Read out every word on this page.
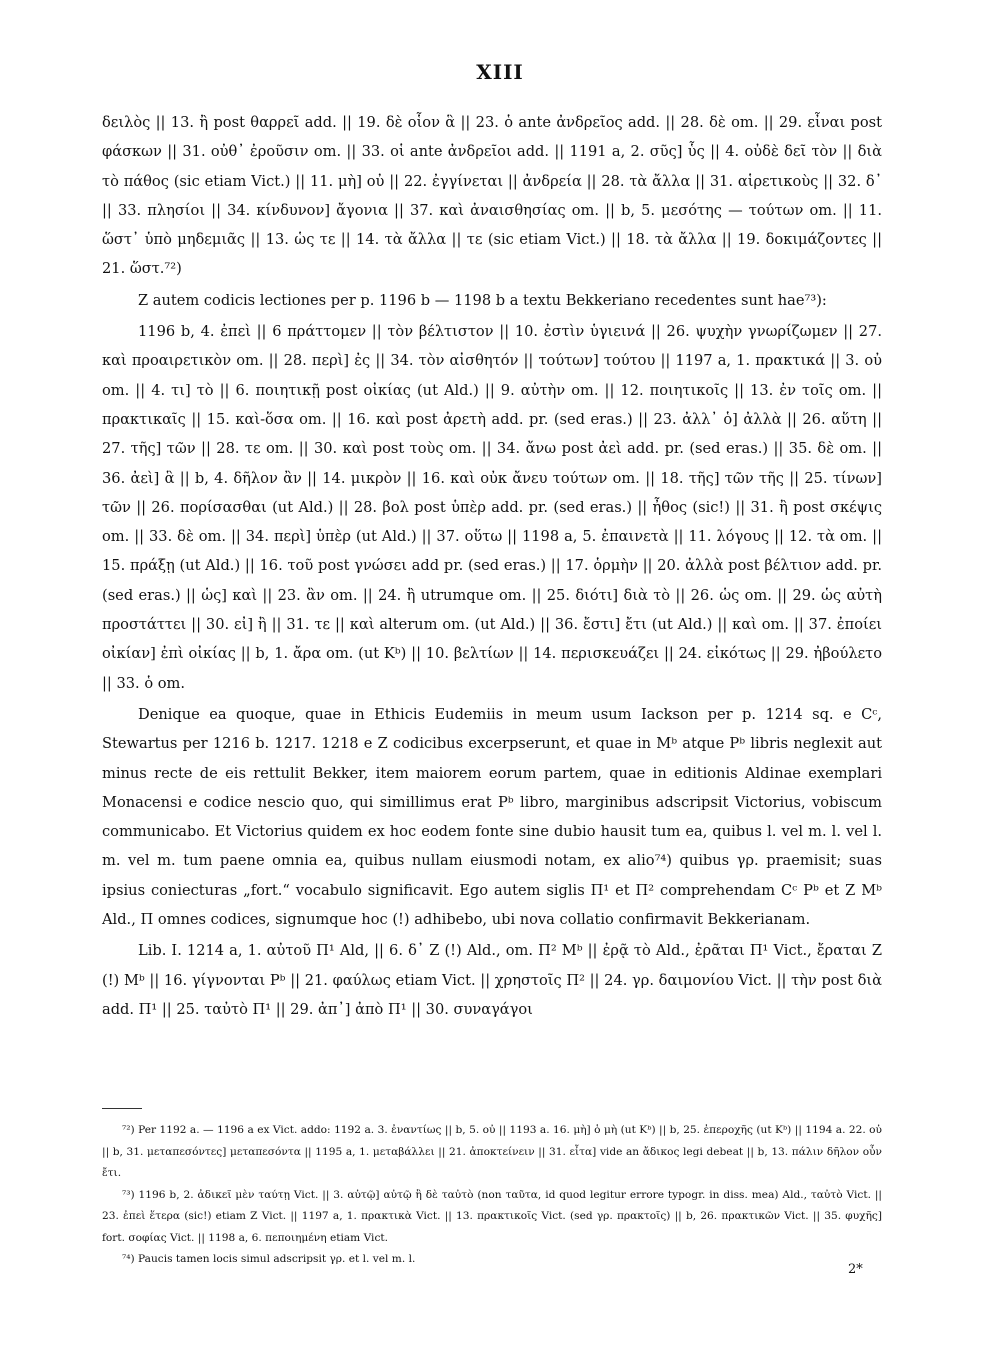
XIII

δειλὸς || 13. ἢ post θαρρεῖ add. || 19. δὲ οἷον ἃ || 23. ὁ ante ἀνδρεῖος add. || 28. δὲ om. || 29. εἶναι post φάσκων || 31. οὐθ᾽ ἐροῦσιν om. || 33. οἱ ante ἀνδρεῖοι add. || 1191 a, 2. σῦς] ὗς || 4. οὐδὲ δεῖ τὸν || διὰ τὸ πάθος (sic etiam Vict.) || 11. μὴ] οὐ || 22. ἐγγίνεται || ἀνδρεία || 28. τὰ ἄλλα || 31. αἱρετικοὺς || 32. δ᾽ || 33. πλησίοι || 34. κίνδυνον] ἄγονια || 37. καὶ ἀναισθησίας om. || b, 5. μεσότης — τούτων om. || 11. ὥστ᾽ ὑπὸ μηδεμιᾶς || 13. ὡς τε || 14. τὰ ἄλλα || τε (sic etiam Vict.) || 18. τὰ ἄλλα || 19. δοκιμάζοντες || 21. ὥστ.⁷²)

Z autem codicis lectiones per p. 1196 b — 1198 b a textu Bekkeriano recedentes sunt hae⁷³):

1196 b, 4. ἐπεὶ || 6 πράττομεν || τὸν βέλτιστον || 10. ἐστὶν ὑγιεινά || 26. ψυχὴν γνωρίζωμεν || 27. καὶ προαιρετικὸν om. || 28. περὶ] ἐς || 34. τὸν αἰσθητόν || τούτων] τούτου || 1197 a, 1. πρακτικά || 3. οὐ om. || 4. τι] τὸ || 6. ποιητικῇ post οἰκίας (ut Ald.) || 9. αὐτὴν om. || 12. ποιητικοῖς || 13. ἐν τοῖς om. || πρακτικαῖς || 15. καὶ-ὅσα om. || 16. καὶ post ἀρετὴ add. pr. (sed eras.) || 23. ἀλλ᾽ ὁ] ἀλλὰ || 26. αὕτη || 27. τῆς] τῶν || 28. τε om. || 30. καὶ post τοὺς om. || 34. ἄνω post ἀεὶ add. pr. (sed eras.) || 35. δὲ om. || 36. ἀεὶ] ἃ || b, 4. δῆλον ἂν || 14. μικρὸν || 16. καὶ οὐκ ἄνευ τούτων om. || 18. τῆς] τῶν τῆς || 25. τίνων] τῶν || 26. πορίσασθαι (ut Ald.) || 28. βολ post ὑπὲρ add. pr. (sed eras.) || ἦθος (sic!) || 31. ἢ post σκέψις om. || 33. δὲ om. || 34. περὶ] ὑπὲρ (ut Ald.) || 37. οὕτω || 1198 a, 5. ἐπαινετὰ || 11. λόγους || 12. τὰ om. || 15. πράξῃ (ut Ald.) || 16. τοῦ post γνώσει add pr. (sed eras.) || 17. ὁρμὴν || 20. ἀλλὰ post βέλτιον add. pr. (sed eras.) || ὡς] καὶ || 23. ἂν om. || 24. ἢ utrumque om. || 25. διότι] διὰ τὸ || 26. ὡς om. || 29. ὡς αὐτὴ προστάττει || 30. εἰ] ἢ || 31. τε || καὶ alterum om. (ut Ald.) || 36. ἔστι] ἔτι (ut Ald.) || καὶ om. || 37. ἐποίει οἰκίαν] ἐπὶ οἰκίας || b, 1. ἄρα om. (ut Kᵇ) || 10. βελτίων || 14. περισκευάζει || 24. εἰκότως || 29. ἠβούλετο || 33. ὁ om.

Denique ea quoque, quae in Ethicis Eudemiis in meum usum Iackson per p. 1214 sq. e Cᶜ, Stewartus per 1216 b. 1217. 1218 e Z codicibus excerpserunt, et quae in Mᵇ atque Pᵇ libris neglexit aut minus recte de eis rettulit Bekker, item maiorem eorum partem, quae in editionis Aldinae exemplari Monacensi e codice nescio quo, qui simillimus erat Pᵇ libro, marginibus adscripsit Victorius, vobiscum communicabo. Et Victorius quidem ex hoc eodem fonte sine dubio hausit tum ea, quibus l. vel m. l. vel l. m. vel m. tum paene omnia ea, quibus nullam eiusmodi notam, ex alio⁷⁴) quibus γρ. praemisit; suas ipsius coniecturas „fort.“ vocabulo significavit. Ego autem siglis Π¹ et Π² comprehendam Cᶜ Pᵇ et Z Mᵇ Ald., Π omnes codices, signumque hoc (!) adhibebo, ubi nova collatio confirmavit Bekkerianam.

Lib. I. 1214 a, 1. αὐτοῦ Π¹ Ald, || 6. δ᾽ Z (!) Ald., om. Π² Mᵇ || ἐρᾷ τὸ Ald., ἐρᾶται Π¹ Vict., ἔραται Z (!) Mᵇ || 16. γίγνονται Pᵇ || 21. φαύλως etiam Vict. || χρηστοῖς Π² || 24. γρ. δαιμονίου Vict. || τὴν post διὰ add. Π¹ || 25. ταὐτὸ Π¹ || 29. ἀπ᾽] ἀπὸ Π¹ || 30. συναγάγοι

⁷²) Per 1192 a. — 1196 a ex Vict. addo: 1192 a. 3. ἐναντίως || b, 5. οὐ || 1193 a. 16. μὴ] ὁ μὴ (ut Kᵇ) || b, 25. ἐπεροχῆς (ut Kᵇ) || 1194 a. 22. οὐ || b, 31. μεταπεσόντες] μεταπεσόντα || 1195 a, 1. μεταβάλλει || 21. ἀποκτείνειν || 31. εἶτα] vide an ἄδικος legi debeat || b, 13. πάλιν δῆλον οὖν ἔτι.

⁷³) 1196 b, 2. ἀδικεῖ μὲν ταύτῃ Vict. || 3. αὐτῷ] αὐτῷ ἢ δὲ ταὐτὸ (non ταῦτα, id quod legitur errore typogr. in diss. mea) Ald., ταὐτὸ Vict. || 23. ἐπεὶ ἕτερα (sic!) etiam Z Vict. || 1197 a, 1. πρακτικὰ Vict. || 13. πρακτικοῖς Vict. (sed γρ. πρακτοῖς) || b, 26. πρακτικῶν Vict. || 35. φυχῆς] fort. σοφίας Vict. || 1198 a, 6. πεποιημένη etiam Vict.

⁷⁴) Paucis tamen locis simul adscripsit γρ. et l. vel m. l.

2*
